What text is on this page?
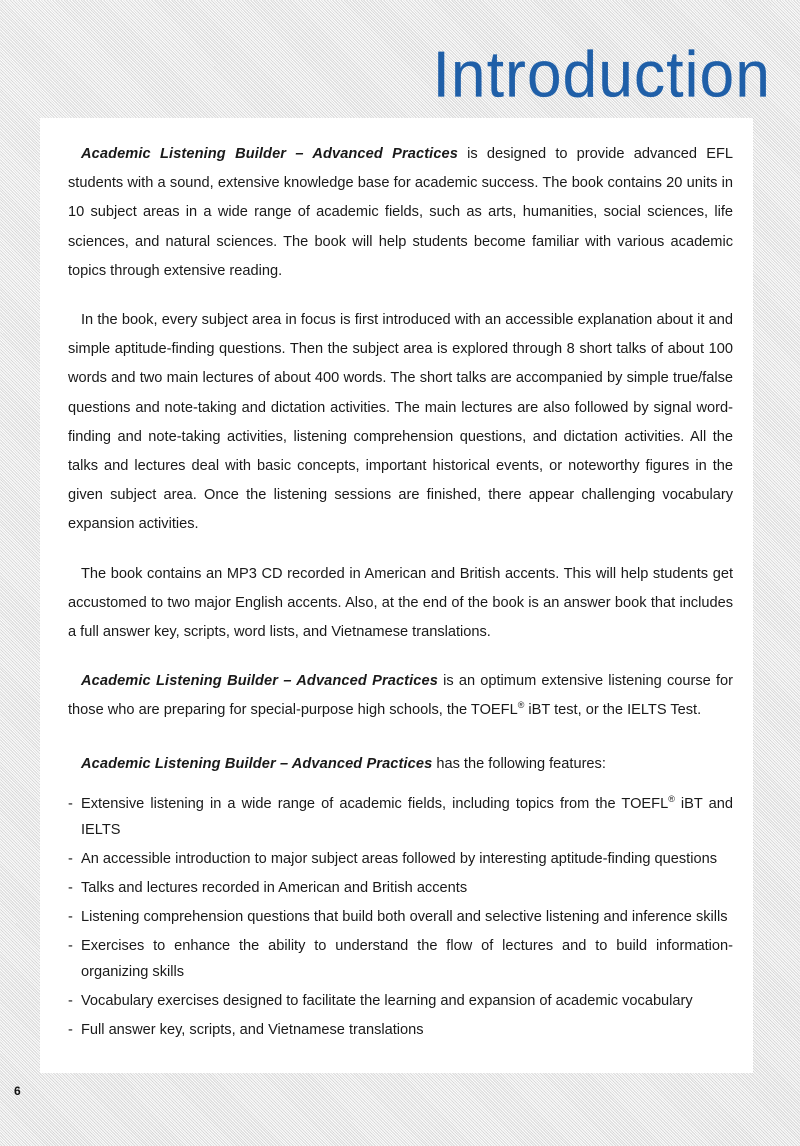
Introduction

Academic Listening Builder – Advanced Practices is designed to provide advanced EFL students with a sound, extensive knowledge base for academic success. The book contains 20 units in 10 subject areas in a wide range of academic fields, such as arts, humanities, social sciences, life sciences, and natural sciences. The book will help students become familiar with various academic topics through extensive reading.

In the book, every subject area in focus is first introduced with an accessible explanation about it and simple aptitude-finding questions. Then the subject area is explored through 8 short talks of about 100 words and two main lectures of about 400 words. The short talks are accompanied by simple true/false questions and note-taking and dictation activities. The main lectures are also followed by signal word-finding and note-taking activities, listening comprehension questions, and dictation activities. All the talks and lectures deal with basic concepts, important historical events, or noteworthy figures in the given subject area. Once the listening sessions are finished, there appear challenging vocabulary expansion activities.

The book contains an MP3 CD recorded in American and British accents. This will help students get accustomed to two major English accents. Also, at the end of the book is an answer book that includes a full answer key, scripts, word lists, and Vietnamese translations.

Academic Listening Builder – Advanced Practices is an optimum extensive listening course for those who are preparing for special-purpose high schools, the TOEFL® iBT test, or the IELTS Test.

Academic Listening Builder – Advanced Practices has the following features:
- Extensive listening in a wide range of academic fields, including topics from the TOEFL® iBT and IELTS
- An accessible introduction to major subject areas followed by interesting aptitude-finding questions
- Talks and lectures recorded in American and British accents
- Listening comprehension questions that build both overall and selective listening and inference skills
- Exercises to enhance the ability to understand the flow of lectures and to build information-organizing skills
- Vocabulary exercises designed to facilitate the learning and expansion of academic vocabulary
- Full answer key, scripts, and Vietnamese translations
6
